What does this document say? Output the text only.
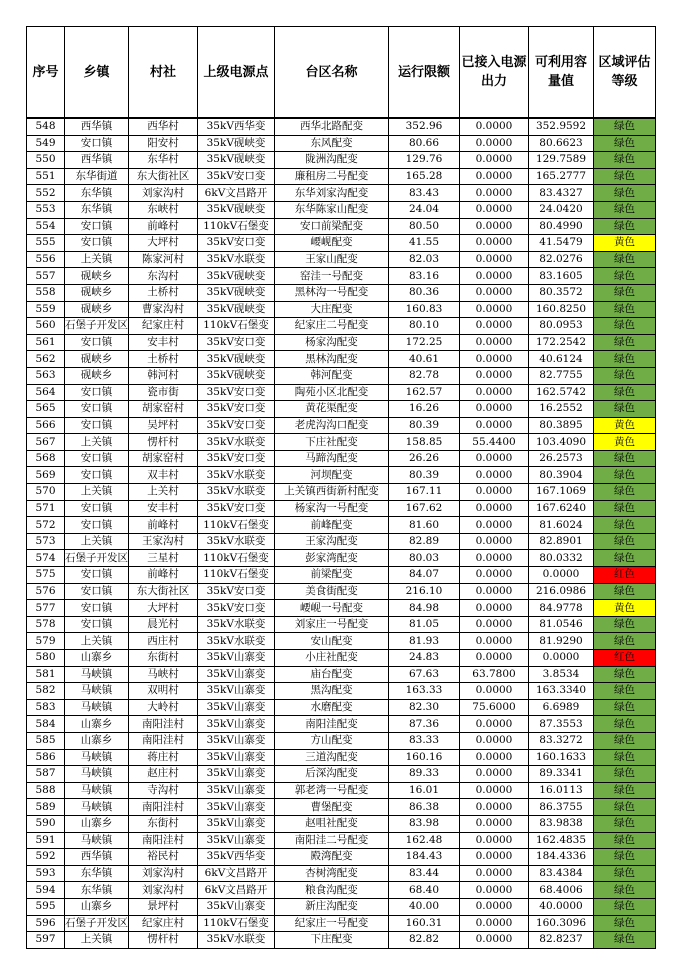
序号	乡镇	村社	上级电源点	台区名称	运行限额	已接入电源出力	可利用容量值	区域评估等级
548	西华镇	西华村	35kV西华变	西华北路配变	352.96	0.0000	352.9592	绿色
549	安口镇	阳安村	35kV砚峡变	东风配变	80.66	0.0000	80.6623	绿色
550	西华镇	东华村	35kV砚峡变	陇洲沟配变	129.76	0.0000	129.7589	绿色
551	东华街道	东大街社区	35kV安口变	廉租房二号配变	165.28	0.0000	165.2777	绿色
552	东华镇	刘家沟村	6kV文昌路开	东华刘家沟配变	83.43	0.0000	83.4327	绿色
553	东华镇	东峡村	35kV砚峡变	东华陈家山配变	24.04	0.0000	24.0420	绿色
554	安口镇	前峰村	110kV石堡变	安口前梁配变	80.50	0.0000	80.4990	绿色
555	安口镇	大坪村	35kV安口变	崾岘配变	41.55	0.0000	41.5479	黄色
556	上关镇	陈家河村	35kV水联变	王家山配变	82.03	0.0000	82.0276	绿色
557	砚峡乡	东沟村	35kV砚峡变	窑洼一号配变	83.16	0.0000	83.1605	绿色
558	砚峡乡	土桥村	35kV砚峡变	黑林沟一号配变	80.36	0.0000	80.3572	绿色
559	砚峡乡	曹家沟村	35kV砚峡变	大庄配变	160.83	0.0000	160.8250	绿色
560	石堡子开发区	纪家庄村	110kV石堡变	纪家庄二号配变	80.10	0.0000	80.0953	绿色
561	安口镇	安丰村	35kV安口变	杨家沟配变	172.25	0.0000	172.2542	绿色
562	砚峡乡	土桥村	35kV砚峡变	黑林沟配变	40.61	0.0000	40.6124	绿色
563	砚峡乡	韩河村	35kV砚峡变	韩河配变	82.78	0.0000	82.7755	绿色
564	安口镇	瓷市街	35kV安口变	陶苑小区北配变	162.57	0.0000	162.5742	绿色
565	安口镇	胡家窑村	35kV安口变	黄花渠配变	16.26	0.0000	16.2552	绿色
566	安口镇	吴坪村	35kV安口变	老虎沟沟口配变	80.39	0.0000	80.3895	黄色
567	上关镇	愣杆村	35kV水联变	下庄社配变	158.85	55.4400	103.4090	黄色
568	安口镇	胡家窑村	35kV安口变	马蹄沟配变	26.26	0.0000	26.2573	绿色
569	安口镇	双丰村	35kV水联变	河坝配变	80.39	0.0000	80.3904	绿色
570	上关镇	上关村	35kV水联变	上关镇西街新村配变	167.11	0.0000	167.1069	绿色
571	安口镇	安丰村	35kV安口变	杨家沟一号配变	167.62	0.0000	167.6240	绿色
572	安口镇	前峰村	110kV石堡变	前峰配变	81.60	0.0000	81.6024	绿色
573	上关镇	王家沟村	35kV水联变	王家沟配变	82.89	0.0000	82.8901	绿色
574	石堡子开发区	三星村	110kV石堡变	彭家湾配变	80.03	0.0000	80.0332	绿色
575	安口镇	前峰村	110kV石堡变	前梁配变	84.07	0.0000	0.0000	红色
576	安口镇	东大街社区	35kV安口变	美食街配变	216.10	0.0000	216.0986	绿色
577	安口镇	大坪村	35kV安口变	崾岘一号配变	84.98	0.0000	84.9778	黄色
578	安口镇	晨光村	35kV水联变	刘家庄一号配变	81.05	0.0000	81.0546	绿色
579	上关镇	西庄村	35kV水联变	安山配变	81.93	0.0000	81.9290	绿色
580	山寨乡	东街村	35kV山寨变	小庄社配变	24.83	0.0000	0.0000	红色
581	马峡镇	马峡村	35kV山寨变	庙台配变	67.63	63.7800	3.8534	绿色
582	马峡镇	双明村	35kV山寨变	黑沟配变	163.33	0.0000	163.3340	绿色
583	马峡镇	大岭村	35kV山寨变	水磨配变	82.30	75.6000	6.6989	绿色
584	山寨乡	南阳洼村	35kV山寨变	南阳洼配变	87.36	0.0000	87.3553	绿色
585	山寨乡	南阳洼村	35kV山寨变	方山配变	83.33	0.0000	83.3272	绿色
586	马峡镇	蒋庄村	35kV山寨变	三道沟配变	160.16	0.0000	160.1633	绿色
587	马峡镇	赵庄村	35kV山寨变	后深沟配变	89.33	0.0000	89.3341	绿色
588	马峡镇	寺沟村	35kV山寨变	郭老湾一号配变	16.01	0.0000	16.0113	绿色
589	马峡镇	南阳洼村	35kV山寨变	曹堡配变	86.38	0.0000	86.3755	绿色
590	山寨乡	东街村	35kV山寨变	赵咀社配变	83.98	0.0000	83.9838	绿色
591	马峡镇	南阳洼村	35kV山寨变	南阳洼二号配变	162.48	0.0000	162.4835	绿色
592	西华镇	裕民村	35kV西华变	殿湾配变	184.43	0.0000	184.4336	绿色
593	东华镇	刘家沟村	6kV文昌路开	杏树湾配变	83.44	0.0000	83.4384	绿色
594	东华镇	刘家沟村	6kV文昌路开	粮食沟配变	68.40	0.0000	68.4006	绿色
595	山寨乡	景坪村	35kV山寨变	新庄沟配变	40.00	0.0000	40.0000	绿色
596	石堡子开发区	纪家庄村	110kV石堡变	纪家庄一号配变	160.31	0.0000	160.3096	绿色
597	上关镇	愣杆村	35kV水联变	下庄配变	82.82	0.0000	82.8237	绿色
